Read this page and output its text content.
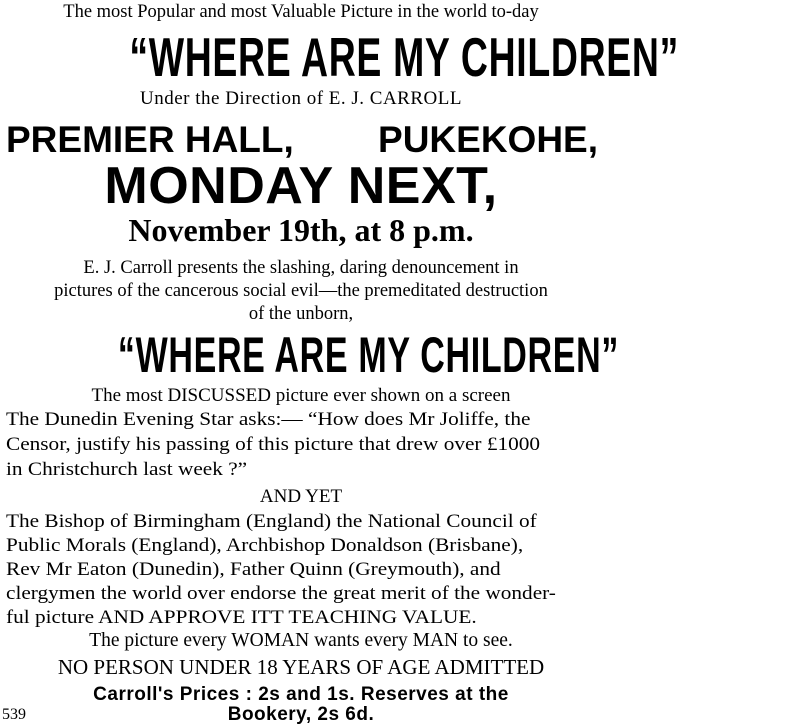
The most Popular and most Valuable Picture in the world to-day
“WHERE ARE MY CHILDREN”
Under the Direction of E. J. CARROLL
PREMIER HALL, PUKEKOHE,
MONDAY NEXT,
November 19th, at 8 p.m.
E. J. Carroll presents the slashing, daring denouncement in
pictures of the cancerous social evil—the premeditated destruction
of the unborn,
“WHERE ARE MY CHILDREN”
The most DISCUSSED picture ever shown on a screen
The Dunedin Evening Star asks:— “How does Mr Joliffe, the
Censor, justify his passing of this picture that drew over £1000
in Christchurch last week ?”
AND YET
The Bishop of Birmingham (England) the National Council of
Public Morals (England), Archbishop Donaldson (Brisbane),
Rev Mr Eaton (Dunedin), Father Quinn (Greymouth), and
clergymen the world over endorse the great merit of the wonder-
ful picture AND APPROVE ITT TEACHING VALUE.
The picture every WOMAN wants every MAN to see.
NO PERSON UNDER 18 YEARS OF AGE ADMITTED
Carroll's Prices : 2s and 1s. Reserves at the
Bookery, 2s 6d.
539
